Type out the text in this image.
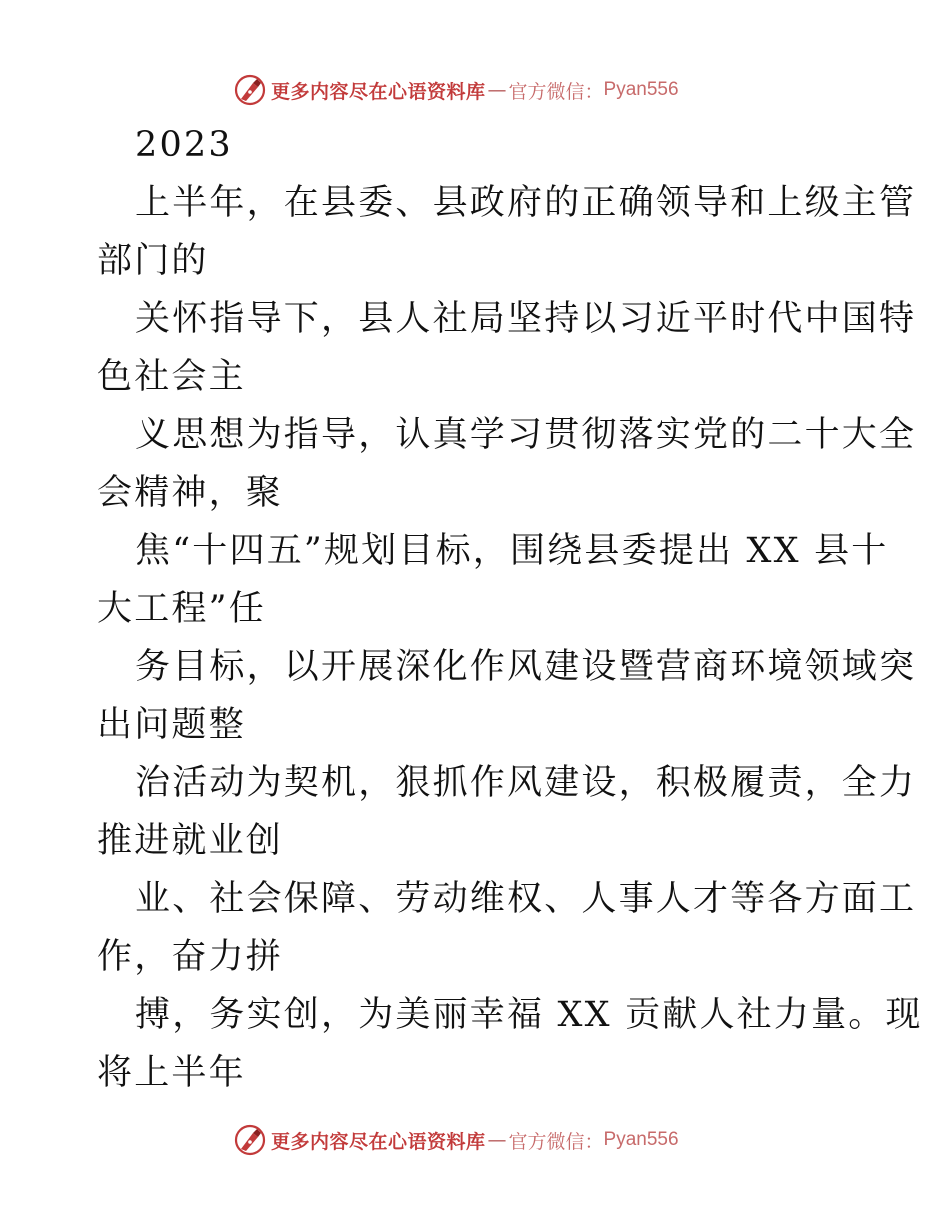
更多内容尽在心语资料库 — 官方微信： Pyan556
2023
上半年，在县委、县政府的正确领导和上级主管
部门的
关怀指导下，县人社局坚持以习近平时代中国特
色社会主
义思想为指导，认真学习贯彻落实党的二十大全
会精神，聚
焦“十四五”规划目标，围绕县委提出 XX 县十
大工程”任
务目标，以开展深化作风建设暨营商环境领域突
出问题整
治活动为契机，狠抓作风建设，积极履责，全力
推进就业创
业、社会保障、劳动维权、人事人才等各方面工
作，奋力拼
搏，务实创，为美丽幸福 XX 贡献人社力量。现
将上半年
更多内容尽在心语资料库 — 官方微信： Pyan556
